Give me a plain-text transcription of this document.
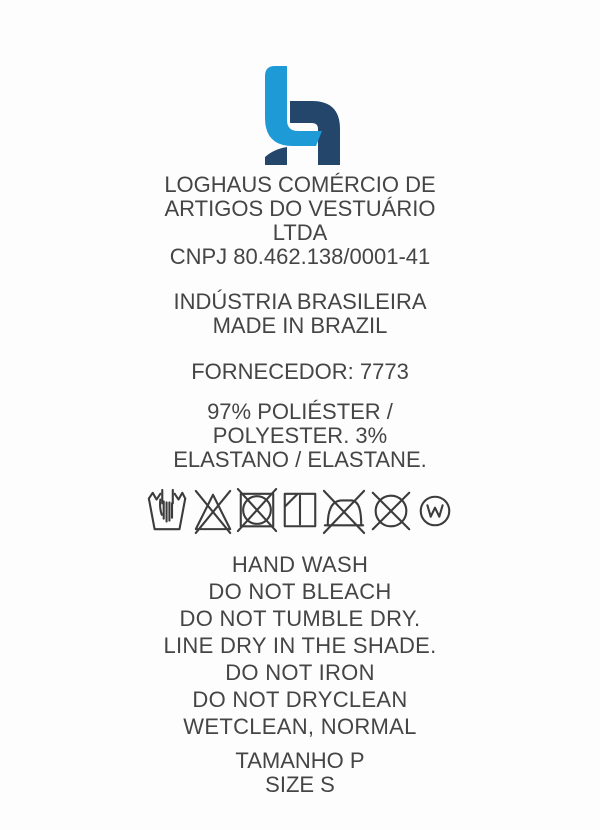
LOGHAUS COMÉRCIO DE
ARTIGOS DO VESTUÁRIO
LTDA
CNPJ 80.462.138/0001-41
INDÚSTRIA BRASILEIRA
MADE IN BRAZIL
FORNECEDOR: 7773
97% POLIÉSTER /
POLYESTER. 3%
ELASTANO / ELASTANE.
HAND WASH
DO NOT BLEACH
DO NOT TUMBLE DRY.
LINE DRY IN THE SHADE.
DO NOT IRON
DO NOT DRYCLEAN
WETCLEAN, NORMAL
TAMANHO P
SIZE S
